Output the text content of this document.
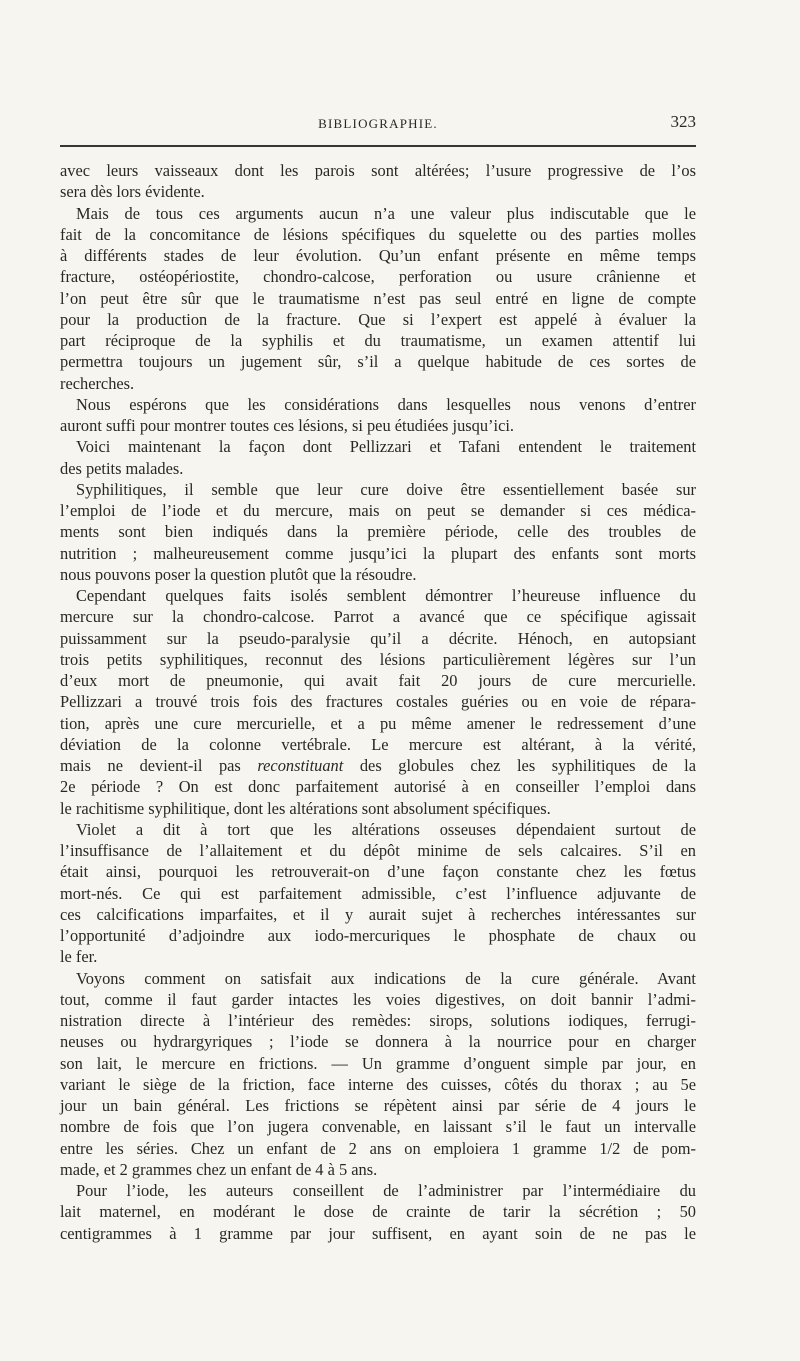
BIBLIOGRAPHIE.	323
avec leurs vaisseaux dont les parois sont altérées; l’usure progressive de l’os
sera dès lors évidente.
Mais de tous ces arguments aucun n’a une valeur plus indiscutable que le
fait de la concomitance de lésions spécifiques du squelette ou des parties molles
à différents stades de leur évolution. Qu’un enfant présente en même temps
fracture, ostéopériostite, chondro-calcose, perforation ou usure crânienne et
l’on peut être sûr que le traumatisme n’est pas seul entré en ligne de compte
pour la production de la fracture. Que si l’expert est appelé à évaluer la
part réciproque de la syphilis et du traumatisme, un examen attentif lui
permettra toujours un jugement sûr, s’il a quelque habitude de ces sortes de
recherches.
Nous espérons que les considérations dans lesquelles nous venons d’entrer
auront suffi pour montrer toutes ces lésions, si peu étudiées jusqu’ici.
Voici maintenant la façon dont Pellizzari et Tafani entendent le traitement
des petits malades.
Syphilitiques, il semble que leur cure doive être essentiellement basée sur
l’emploi de l’iode et du mercure, mais on peut se demander si ces médica-
ments sont bien indiqués dans la première période, celle des troubles de
nutrition ; malheureusement comme jusqu’ici la plupart des enfants sont morts
nous pouvons poser la question plutôt que la résoudre.
Cependant quelques faits isolés semblent démontrer l’heureuse influence du
mercure sur la chondro-calcose. Parrot a avancé que ce spécifique agissait
puissamment sur la pseudo-paralysie qu’il a décrite. Hénoch, en autopsiant
trois petits syphilitiques, reconnut des lésions particulièrement légères sur l’un
d’eux mort de pneumonie, qui avait fait 20 jours de cure mercurielle.
Pellizzari a trouvé trois fois des fractures costales guéries ou en voie de répara-
tion, après une cure mercurielle, et a pu même amener le redressement d’une
déviation de la colonne vertébrale. Le mercure est altérant, à la vérité,
mais ne devient-il pas reconstituant des globules chez les syphilitiques de la
2e période ? On est donc parfaitement autorisé à en conseiller l’emploi dans
le rachitisme syphilitique, dont les altérations sont absolument spécifiques.
Violet a dit à tort que les altérations osseuses dépendaient surtout de
l’insuffisance de l’allaitement et du dépôt minime de sels calcaires. S’il en
était ainsi, pourquoi les retrouverait-on d’une façon constante chez les fœtus
mort-nés. Ce qui est parfaitement admissible, c’est l’influence adjuvante de
ces calcifications imparfaites, et il y aurait sujet à recherches intéressantes sur
l’opportunité d’adjoindre aux iodo-mercuriques le phosphate de chaux ou
le fer.
Voyons comment on satisfait aux indications de la cure générale. Avant
tout, comme il faut garder intactes les voies digestives, on doit bannir l’admi-
nistration directe à l’intérieur des remèdes: sirops, solutions iodiques, ferrugi-
neuses ou hydrargyriques ; l’iode se donnera à la nourrice pour en charger
son lait, le mercure en frictions. — Un gramme d’onguent simple par jour, en
variant le siège de la friction, face interne des cuisses, côtés du thorax ; au 5e
jour un bain général. Les frictions se répètent ainsi par série de 4 jours le
nombre de fois que l’on jugera convenable, en laissant s’il le faut un intervalle
entre les séries. Chez un enfant de 2 ans on emploiera 1 gramme 1/2 de pom-
made, et 2 grammes chez un enfant de 4 à 5 ans.
Pour l’iode, les auteurs conseillent de l’administrer par l’intermédiaire du
lait maternel, en modérant le dose de crainte de tarir la sécrétion ; 50
centigrammes à 1 gramme par jour suffisent, en ayant soin de ne pas le
